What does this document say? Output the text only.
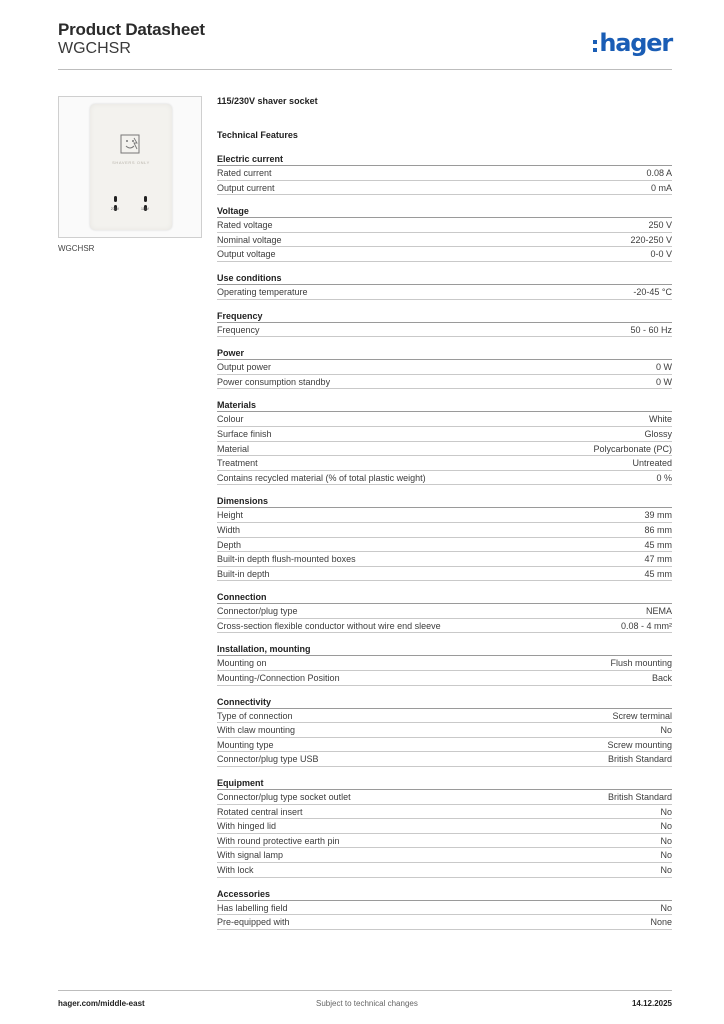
Product Datasheet
WGCHSR	hager
SHAVERS ONLY
230V	115V
WGCHSR
115/230V shaver socket
Technical Features
Electric current
Rated current	0.08 A
Output current	0 mA
Voltage
Rated voltage	250 V
Nominal voltage	220-250 V
Output voltage	0-0 V
Use conditions
Operating temperature	-20-45 °C
Frequency
Frequency	50 - 60 Hz
Power
Output power	0 W
Power consumption standby	0 W
Materials
Colour	White
Surface finish	Glossy
Material	Polycarbonate (PC)
Treatment	Untreated
Contains recycled material (% of total plastic weight)	0 %
Dimensions
Height	39 mm
Width	86 mm
Depth	45 mm
Built-in depth flush-mounted boxes	47 mm
Built-in depth	45 mm
Connection
Connector/plug type	NEMA
Cross-section flexible conductor without wire end sleeve	0.08 - 4 mm²
Installation, mounting
Mounting on	Flush mounting
Mounting-/Connection Position	Back
Connectivity
Type of connection	Screw terminal
With claw mounting	No
Mounting type	Screw mounting
Connector/plug type USB	British Standard
Equipment
Connector/plug type socket outlet	British Standard
Rotated central insert	No
With hinged lid	No
With round protective earth pin	No
With signal lamp	No
With lock	No
Accessories
Has labelling field	No
Pre-equipped with	None
hager.com/middle-east	Subject to technical changes	14.12.2025
